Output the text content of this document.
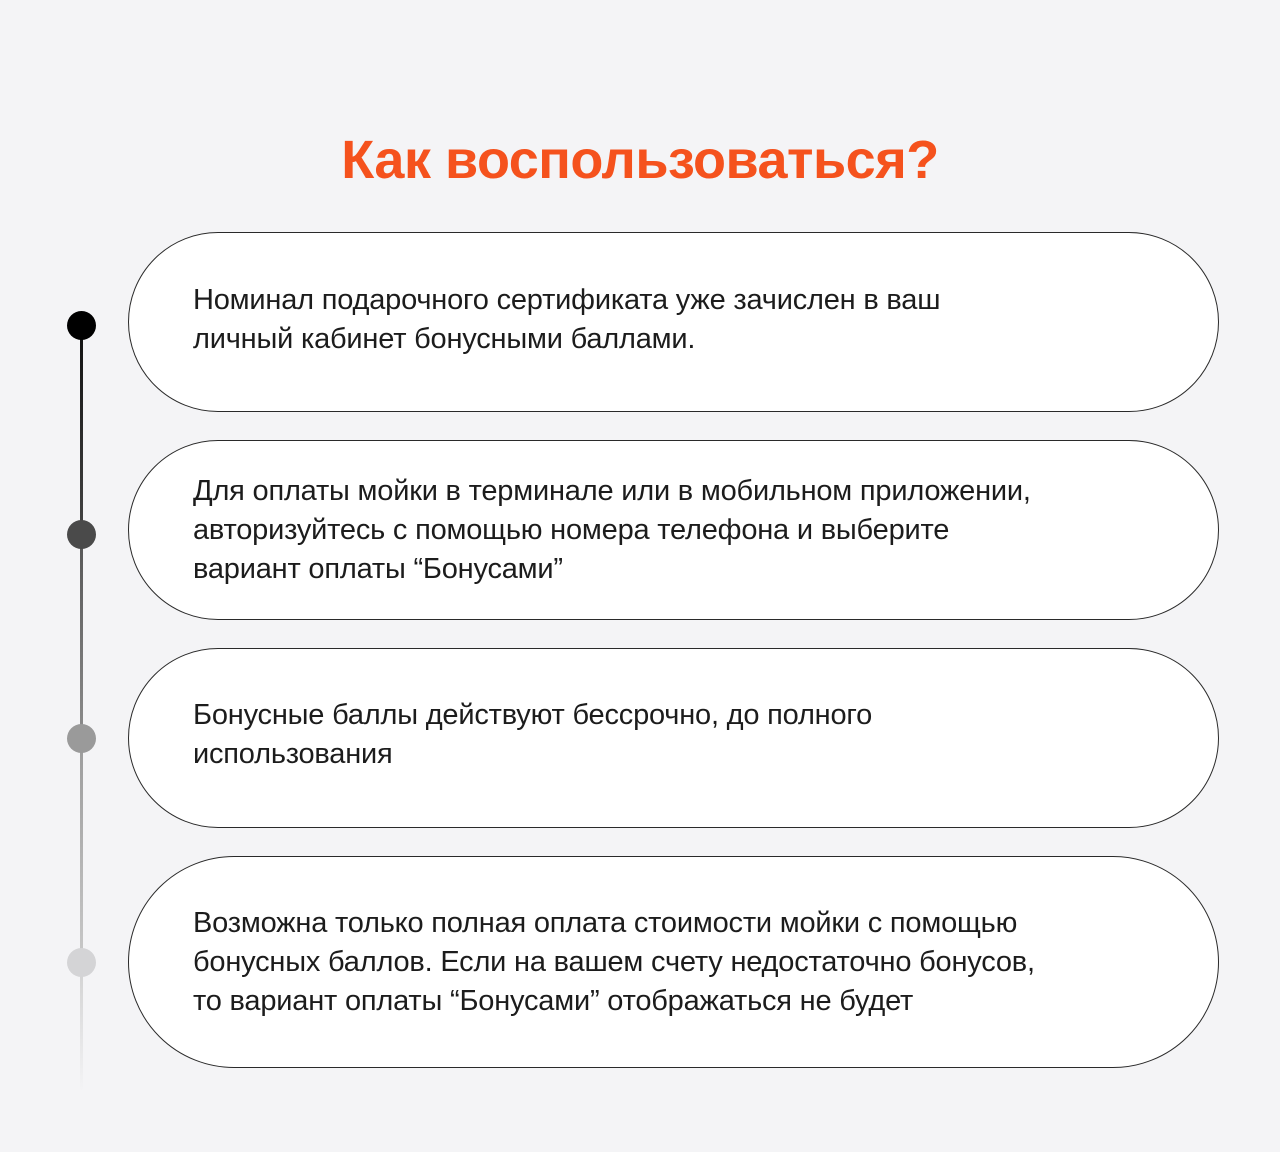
Как воспользоваться?

Номинал подарочного сертификата уже зачислен в ваш
личный кабинет бонусными баллами.

Для оплаты мойки в терминале или в мобильном приложении,
авторизуйтесь с помощью номера телефона и выберите
вариант оплаты “Бонусами”

Бонусные баллы действуют бессрочно, до полного
использования

Возможна только полная оплата стоимости мойки с помощью
бонусных баллов. Если на вашем счету недостаточно бонусов,
то вариант оплаты “Бонусами” отображаться не будет
